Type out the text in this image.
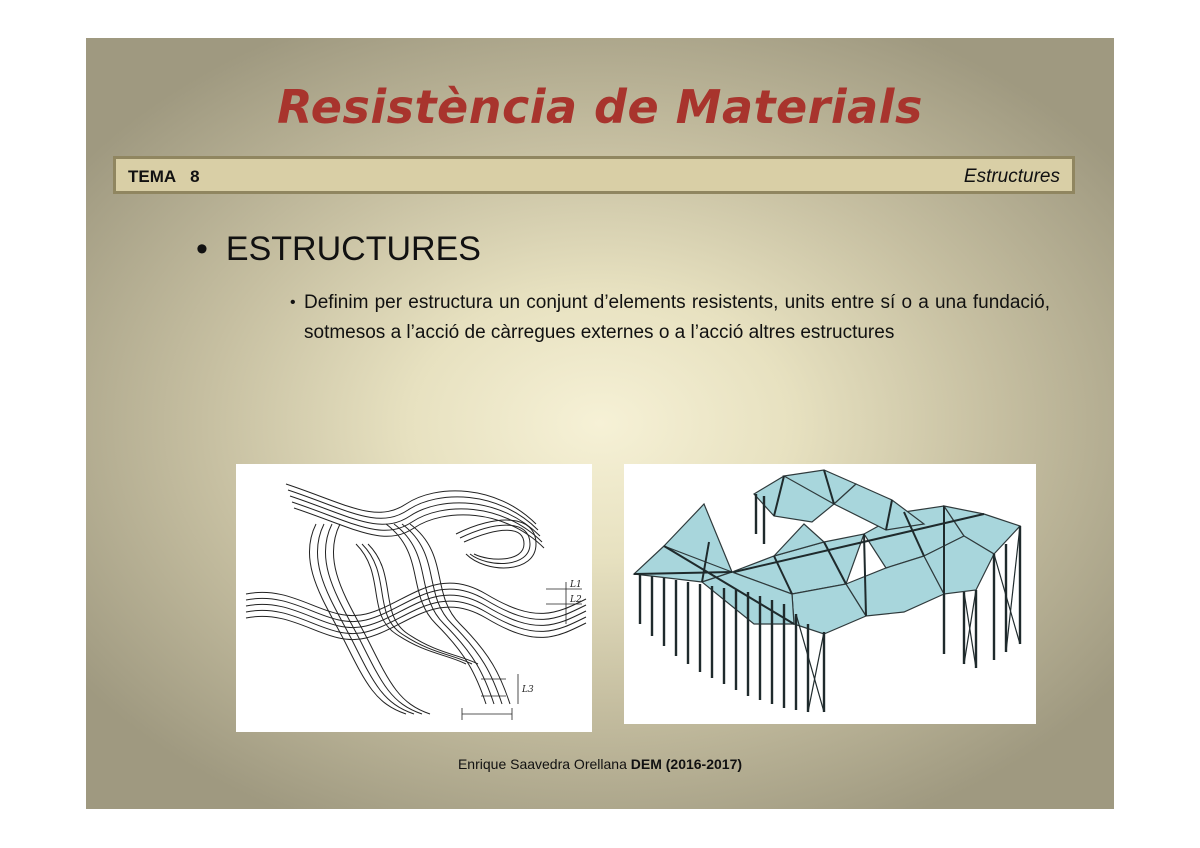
Resistència de Materials
TEMA 8	Estructures
• ESTRUCTURES
• Definim per estructura un conjunt d’elements resistents, units entre sí o a una fundació, sotmesos a l’acció de càrregues externes o a l’acció altres estructures
L1
L2
L3
Enrique Saavedra Orellana DEM (2016-2017)
